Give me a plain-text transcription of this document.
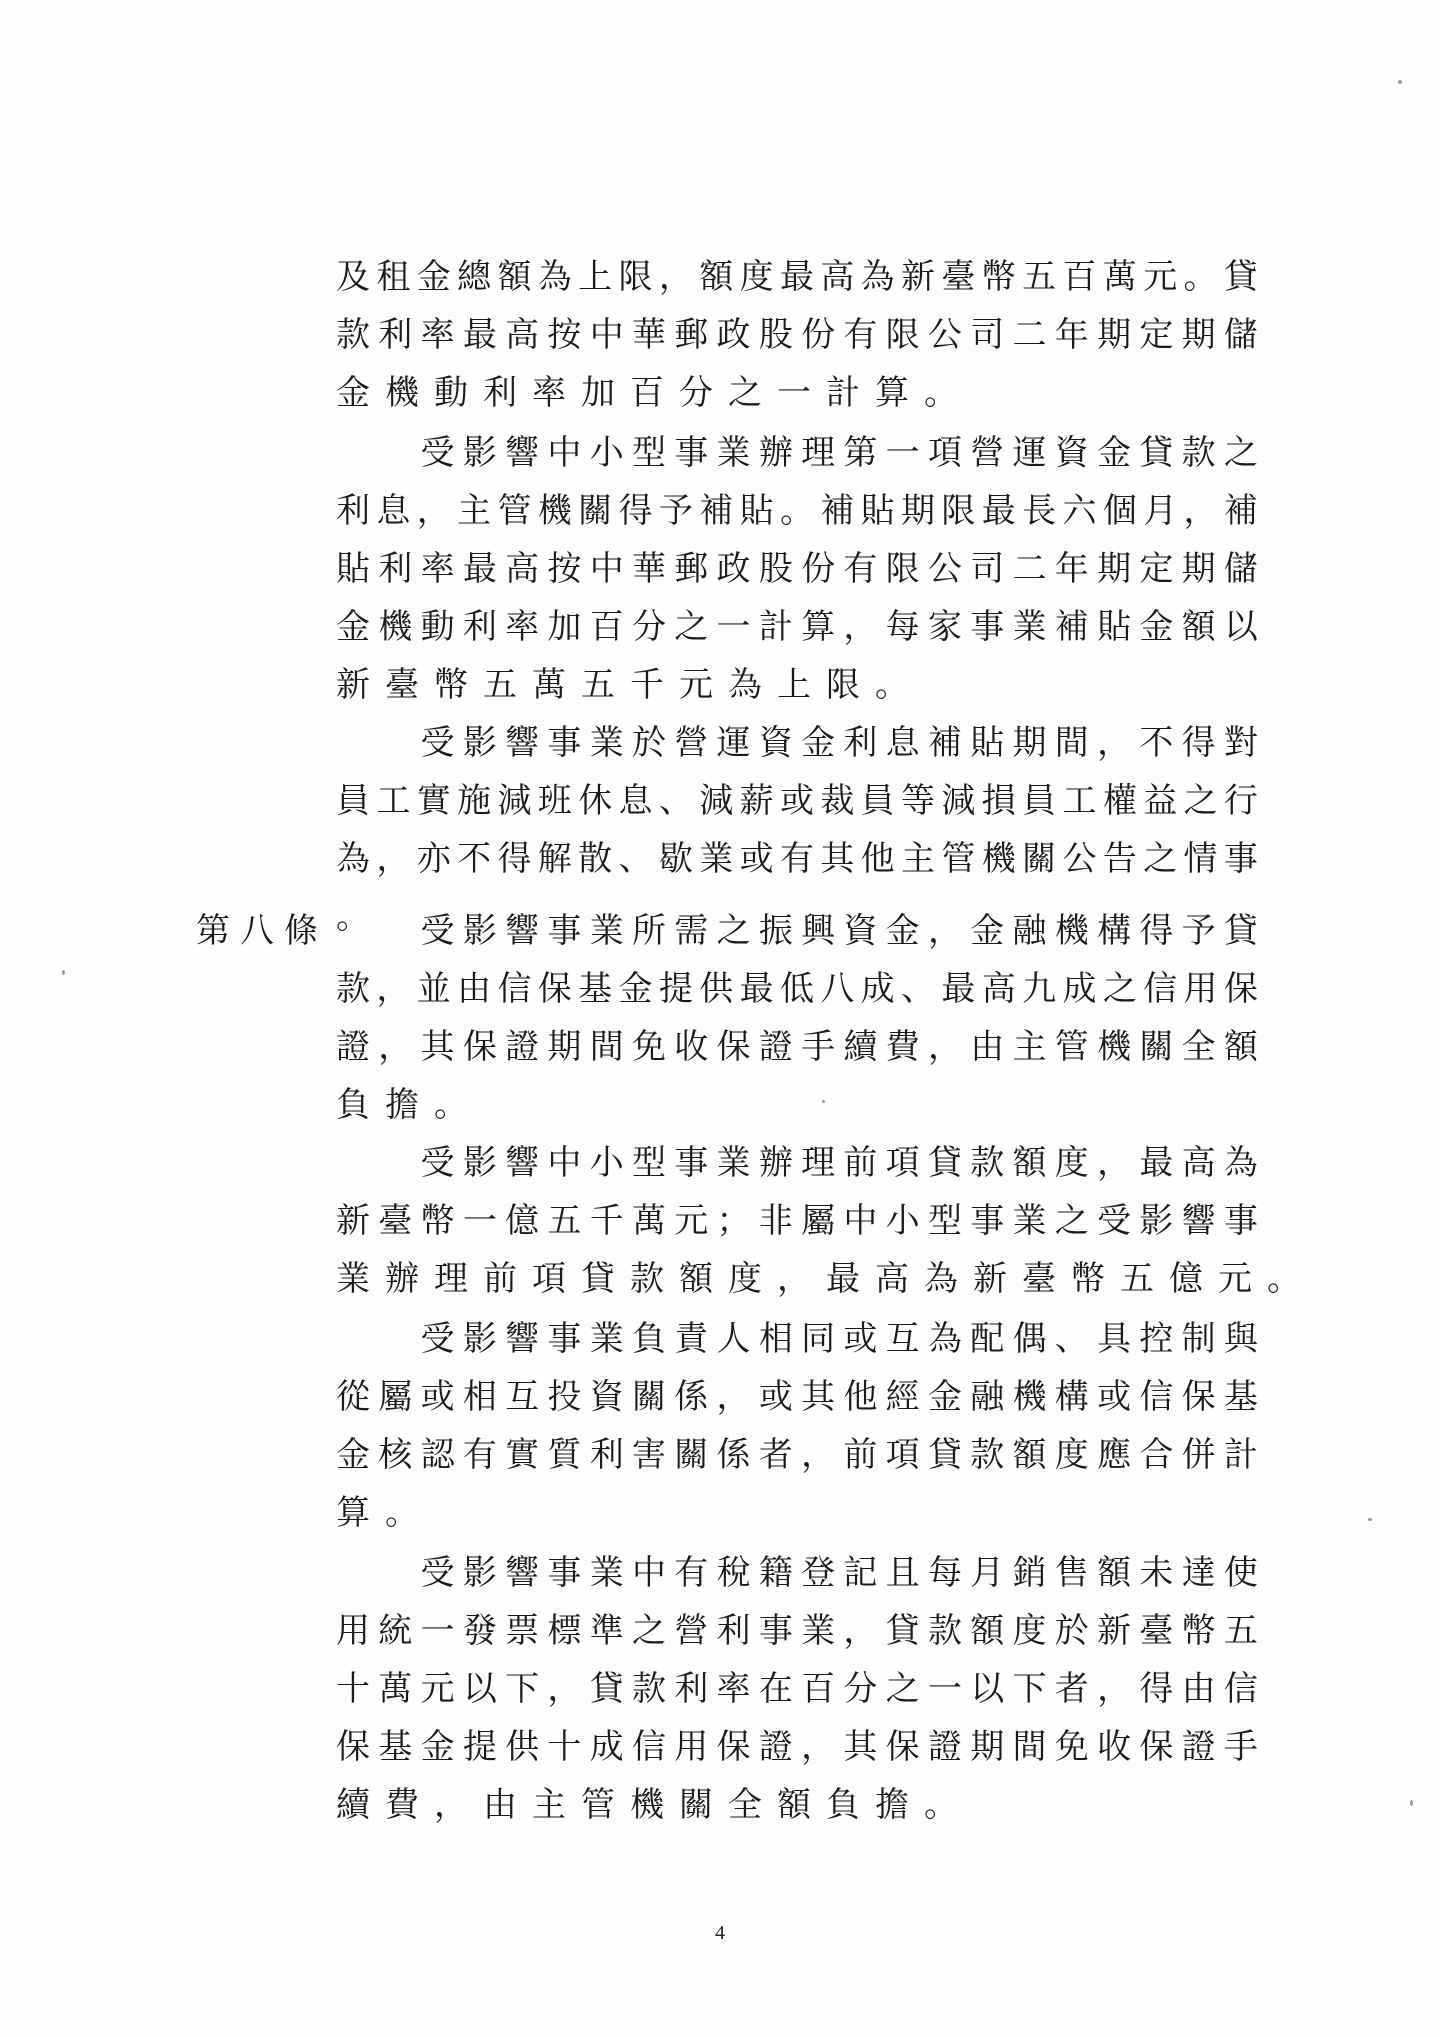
第八條
及 租 金 總 額 為 上 限 ， 額 度 最 高 為 新 臺 幣 五 百 萬 元 。 貸
款 利 率 最 高 按 中 華 郵 政 股 份 有 限 公 司 二 年 期 定 期 儲
金機動利率加百分之一計算。

受 影 響 中 小 型 事 業 辦 理 第 一 項 營 運 資 金 貸 款 之
利 息 ， 主 管 機 關 得 予 補 貼 。 補 貼 期 限 最 長 六 個 月 ， 補
貼 利 率 最 高 按 中 華 郵 政 股 份 有 限 公 司 二 年 期 定 期 儲
金 機 動 利 率 加 百 分 之 一 計 算 ， 每 家 事 業 補 貼 金 額 以
新臺幣五萬五千元為上限。

受 影 響 事 業 於 營 運 資 金 利 息 補 貼 期 間 ， 不 得 對
員 工 實 施 減 班 休 息 、 減 薪 或 裁 員 等 減 損 員 工 權 益 之 行
為 ， 亦 不 得 解 散 、 歇 業 或 有 其 他 主 管 機 關 公 告 之 情 事
。

　 受 影 響 事 業 所 需 之 振 興 資 金 ， 金 融 機 構 得 予 貸
款 ， 並 由 信 保 基 金 提 供 最 低 八 成 、 最 高 九 成 之 信 用 保
證 ， 其 保 證 期 間 免 收 保 證 手 續 費 ， 由 主 管 機 關 全 額
負擔。

受 影 響 中 小 型 事 業 辦 理 前 項 貸 款 額 度 ， 最 高 為
新 臺 幣 一 億 五 千 萬 元 ； 非 屬 中 小 型 事 業 之 受 影 響 事
業辦理前項貸款額度，最高為新臺幣五億元。

受 影 響 事 業 負 責 人 相 同 或 互 為 配 偶 、 具 控 制 與
從 屬 或 相 互 投 資 關 係 ， 或 其 他 經 金 融 機 構 或 信 保 基
金 核 認 有 實 質 利 害 關 係 者 ， 前 項 貸 款 額 度 應 合 併 計
算。

受 影 響 事 業 中 有 稅 籍 登 記 且 每 月 銷 售 額 未 達 使
用 統 一 發 票 標 準 之 營 利 事 業 ， 貸 款 額 度 於 新 臺 幣 五
十 萬 元 以 下 ， 貸 款 利 率 在 百 分 之 一 以 下 者 ， 得 由 信
保 基 金 提 供 十 成 信 用 保 證 ， 其 保 證 期 間 免 收 保 證 手
續費，由主管機關全額負擔。
4
